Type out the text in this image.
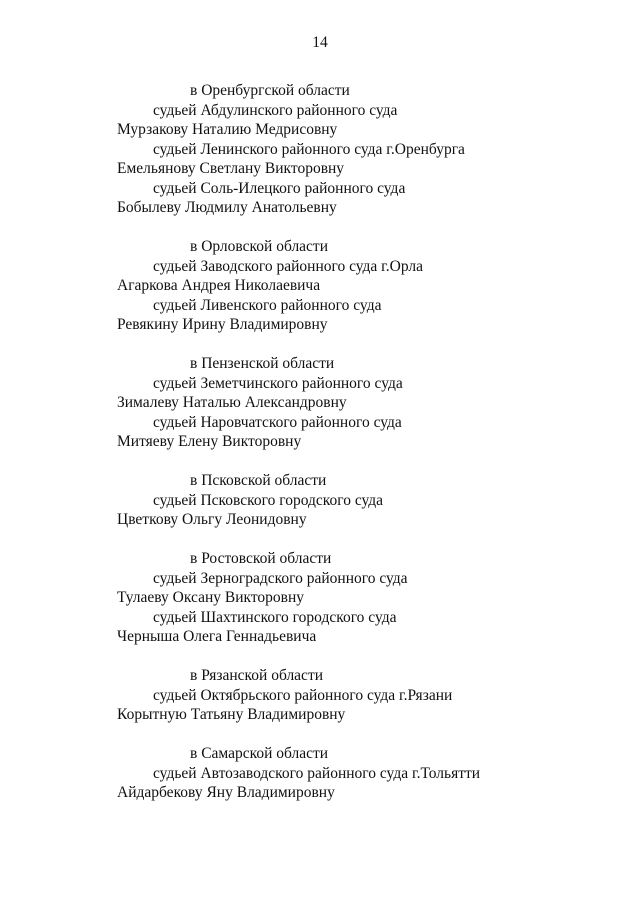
14
в Оренбургской области
судьей Абдулинского районного суда
Мурзакову Наталию Медрисовну
судьей Ленинского районного суда г.Оренбурга
Емельянову Светлану Викторовну
судьей Соль-Илецкого районного суда
Бобылеву Людмилу Анатольевну
в Орловской области
судьей Заводского районного суда г.Орла
Агаркова Андрея Николаевича
судьей Ливенского районного суда
Ревякину Ирину Владимировну
в Пензенской области
судьей Земетчинского районного суда
Зималеву Наталью Александровну
судьей Наровчатского районного суда
Митяеву Елену Викторовну
в Псковской области
судьей Псковского городского суда
Цветкову Ольгу Леонидовну
в Ростовской области
судьей Зерноградского районного суда
Тулаеву Оксану Викторовну
судьей Шахтинского городского суда
Черныша Олега Геннадьевича
в Рязанской области
судьей Октябрьского районного суда г.Рязани
Корытную Татьяну Владимировну
в Самарской области
судьей Автозаводского районного суда г.Тольятти
Айдарбекову Яну Владимировну
